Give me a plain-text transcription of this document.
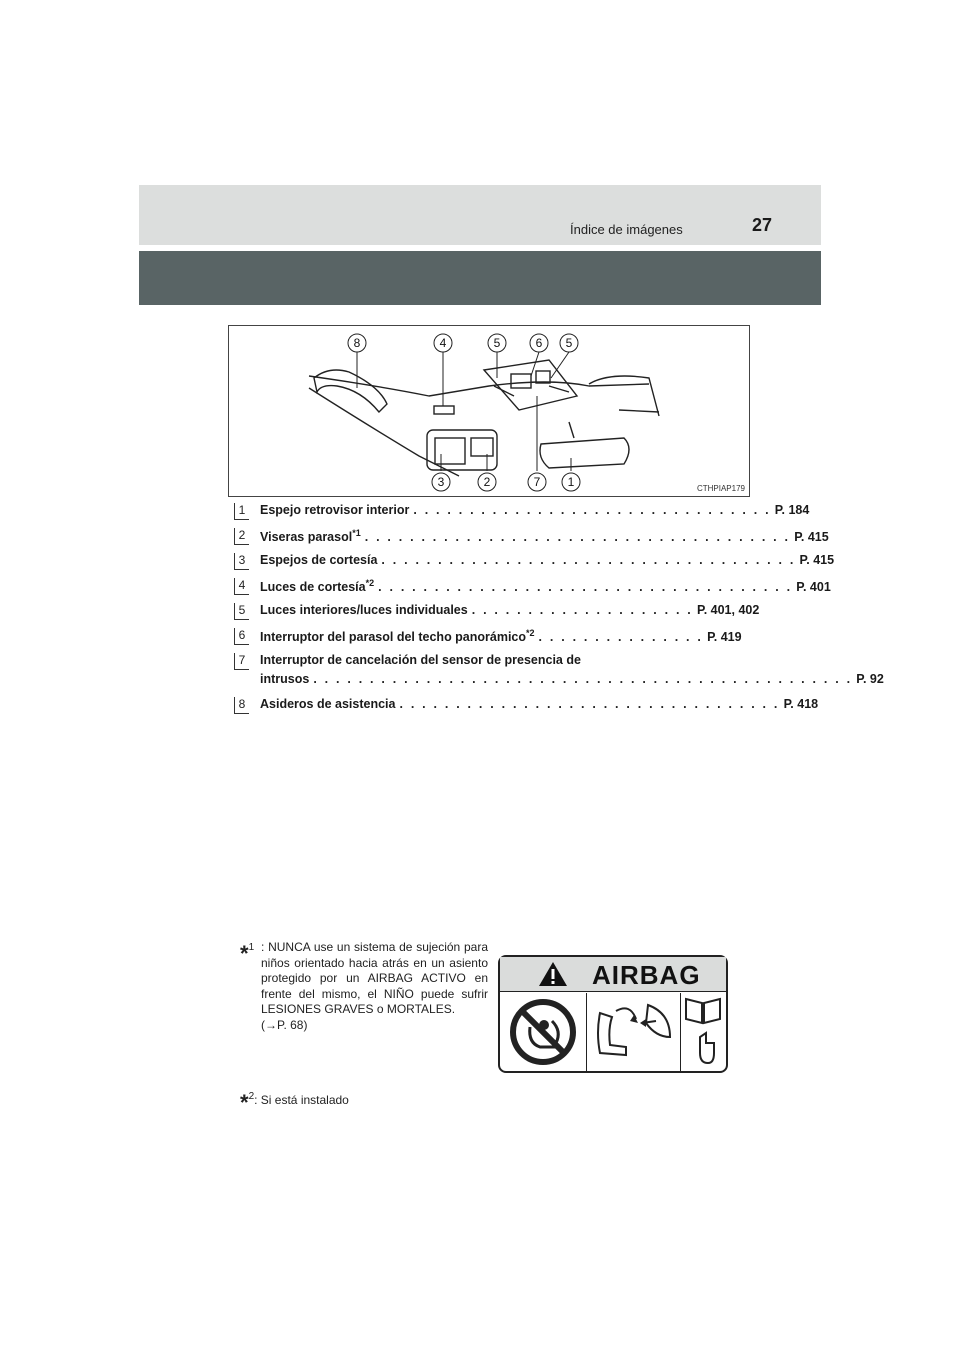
Índice de imágenes	27
8	4	5	6 5
3	2	7 1	CTHPIAP179
1 Espejo retrovisor interior . . . . . . . . . . . . . . . . . . . . . . . . . . . . . . . . P. 184
2 Viseras parasol$^{*1}$ . . . . . . . . . . . . . . . . . . . . . . . . . . . . . . . . . . . . . . P. 415
3 Espejos de cortesía . . . . . . . . . . . . . . . . . . . . . . . . . . . . . . . . . . . . . P. 415
4 Luces de cortesía$^{*2}$ . . . . . . . . . . . . . . . . . . . . . . . . . . . . . . . . . . . . . P. 401
5 Luces interiores/luces individuales . . . . . . . . . . . . . . . . . . . . P. 401, 402
6 Interruptor del parasol del techo panorámico$^{*2}$ . . . . . . . . . . . . . . . P. 419
7 Interruptor de cancelación del sensor de presencia de
intrusos . . . . . . . . . . . . . . . . . . . . . . . . . . . . . . . . . . . . . . . . . . . . . . . . P. 92
8 Asideros de asistencia . . . . . . . . . . . . . . . . . . . . . . . . . . . . . . . . . . P. 418
*$^1$ : NUNCA use un sistema de sujeción para niños orientado hacia atrás en un asiento protegido por un AIRBAG ACTIVO en frente del mismo, el NIÑO puede sufrir LESIONES GRAVES o MORTALES.
(→P. 68)
AIRBAG
*$^2$: Si está instalado
